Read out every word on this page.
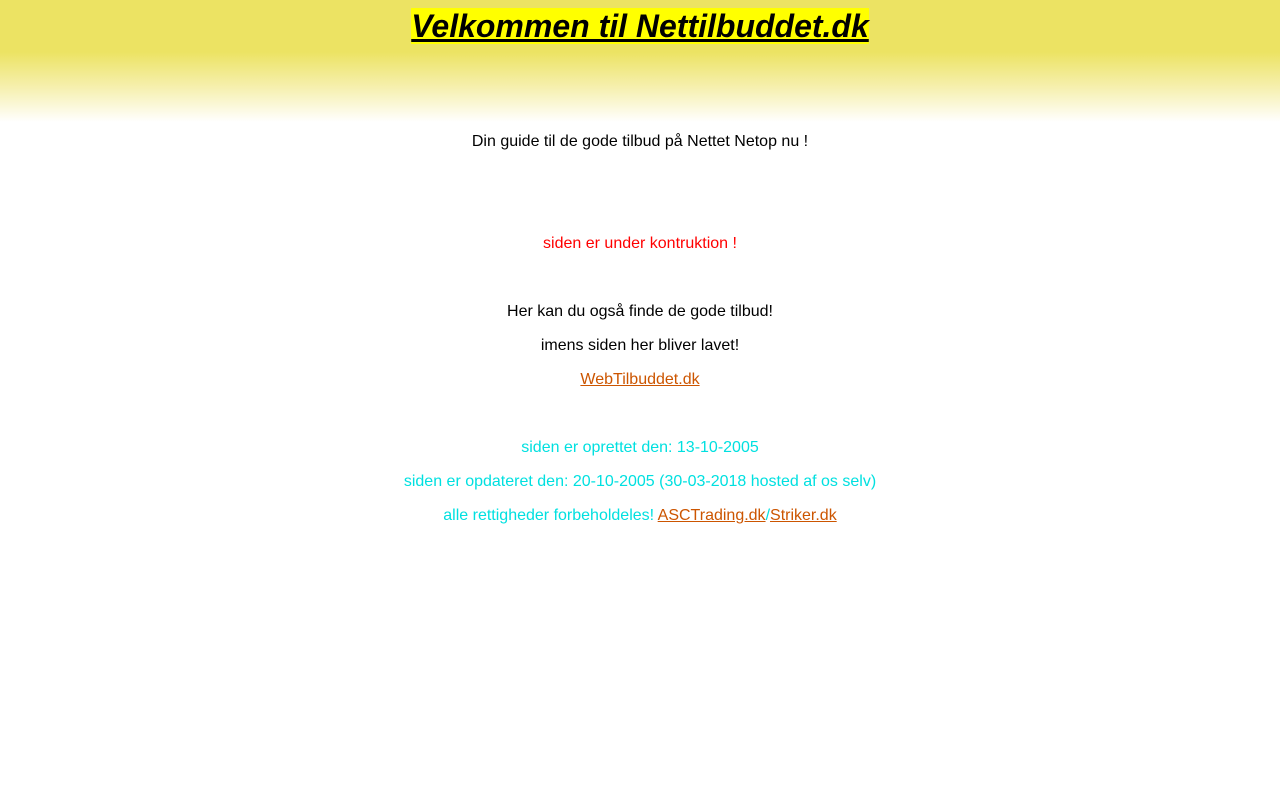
Velkommen til Nettilbuddet.dk
Din guide til de gode tilbud på Nettet Netop nu !
siden er under kontruktion !
Her kan du også finde de gode tilbud!
imens siden her bliver lavet!
WebTilbuddet.dk
siden er oprettet den: 13-10-2005
siden er opdateret den: 20-10-2005 (30-03-2018 hosted af os selv)
alle rettigheder forbeholdeles! ASCTrading.dk/Striker.dk
